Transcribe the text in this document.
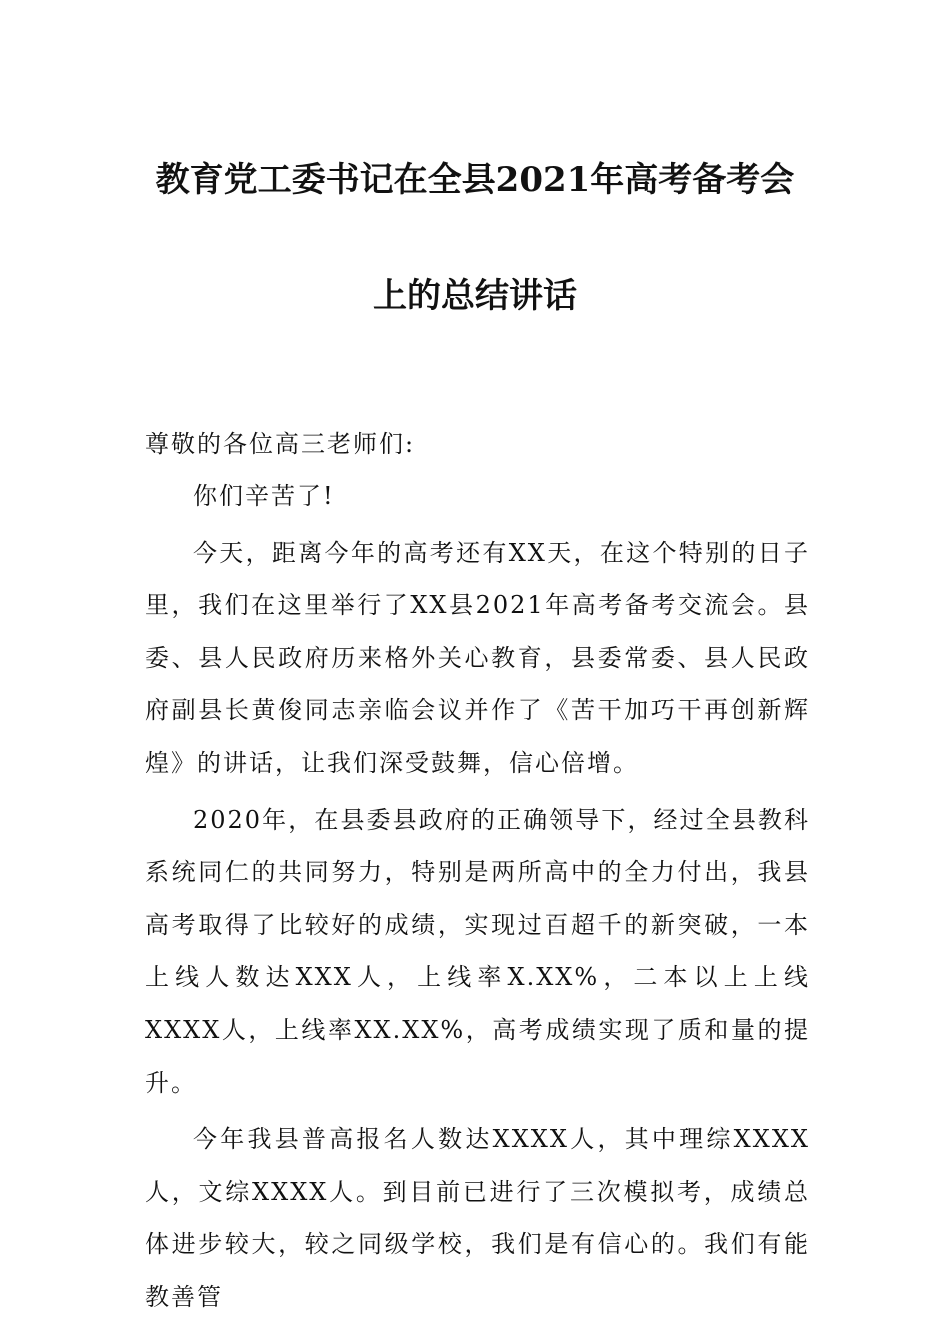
教育党工委书记在全县2021年高考备考会
上的总结讲话

尊敬的各位高三老师们:

你们辛苦了!

今天，距离今年的高考还有XX天，在这个特别的日子里，我们在这里举行了XX县2021年高考备考交流会。县委、县人民政府历来格外关心教育，县委常委、县人民政府副县长黄俊同志亲临会议并作了《苦干加巧干再创新辉煌》的讲话，让我们深受鼓舞，信心倍增。

2020年，在县委县政府的正确领导下，经过全县教科系统同仁的共同努力，特别是两所高中的全力付出，我县高考取得了比较好的成绩，实现过百超千的新突破，一本上线人数达XXX人，上线率X.XX%，二本以上上线XXXX人，上线率XX.XX%，高考成绩实现了质和量的提升。

今年我县普高报名人数达XXXX人，其中理综XXXX人，文综XXXX人。到目前已进行了三次模拟考，成绩总体进步较大，较之同级学校，我们是有信心的。我们有能教善管
